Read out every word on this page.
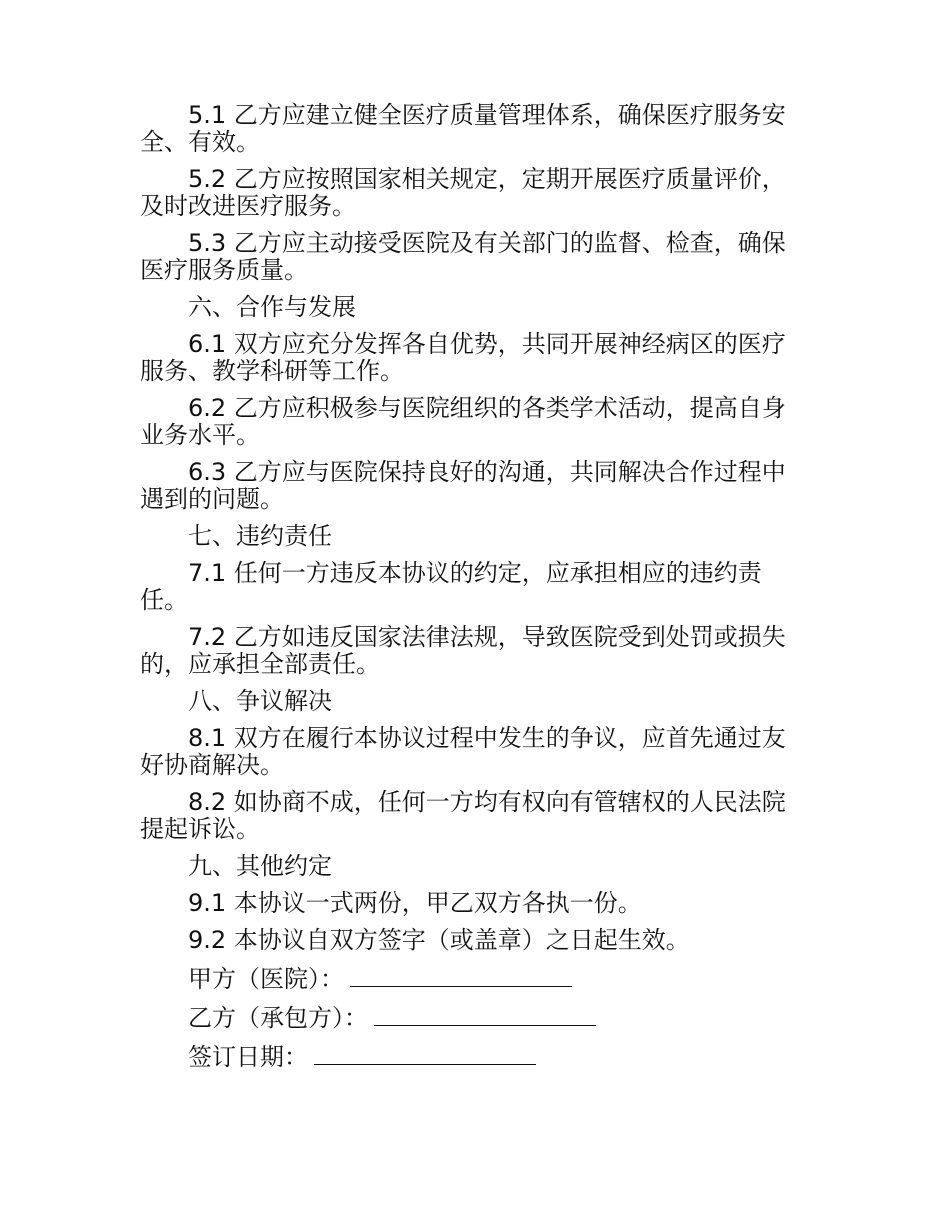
5.1 乙方应建立健全医疗质量管理体系，确保医疗服务安全、有效。

5.2 乙方应按照国家相关规定，定期开展医疗质量评价，及时改进医疗服务。

5.3 乙方应主动接受医院及有关部门的监督、检查，确保医疗服务质量。

六、合作与发展

6.1 双方应充分发挥各自优势，共同开展神经病区的医疗服务、教学科研等工作。

6.2 乙方应积极参与医院组织的各类学术活动，提高自身业务水平。

6.3 乙方应与医院保持良好的沟通，共同解决合作过程中遇到的问题。

七、违约责任

7.1 任何一方违反本协议的约定，应承担相应的违约责任。

7.2 乙方如违反国家法律法规，导致医院受到处罚或损失的，应承担全部责任。

八、争议解决

8.1 双方在履行本协议过程中发生的争议，应首先通过友好协商解决。

8.2 如协商不成，任何一方均有权向有管辖权的人民法院提起诉讼。

九、其他约定

9.1 本协议一式两份，甲乙双方各执一份。

9.2 本协议自双方签字（或盖章）之日起生效。

甲方（医院）：
乙方（承包方）：
签订日期：
